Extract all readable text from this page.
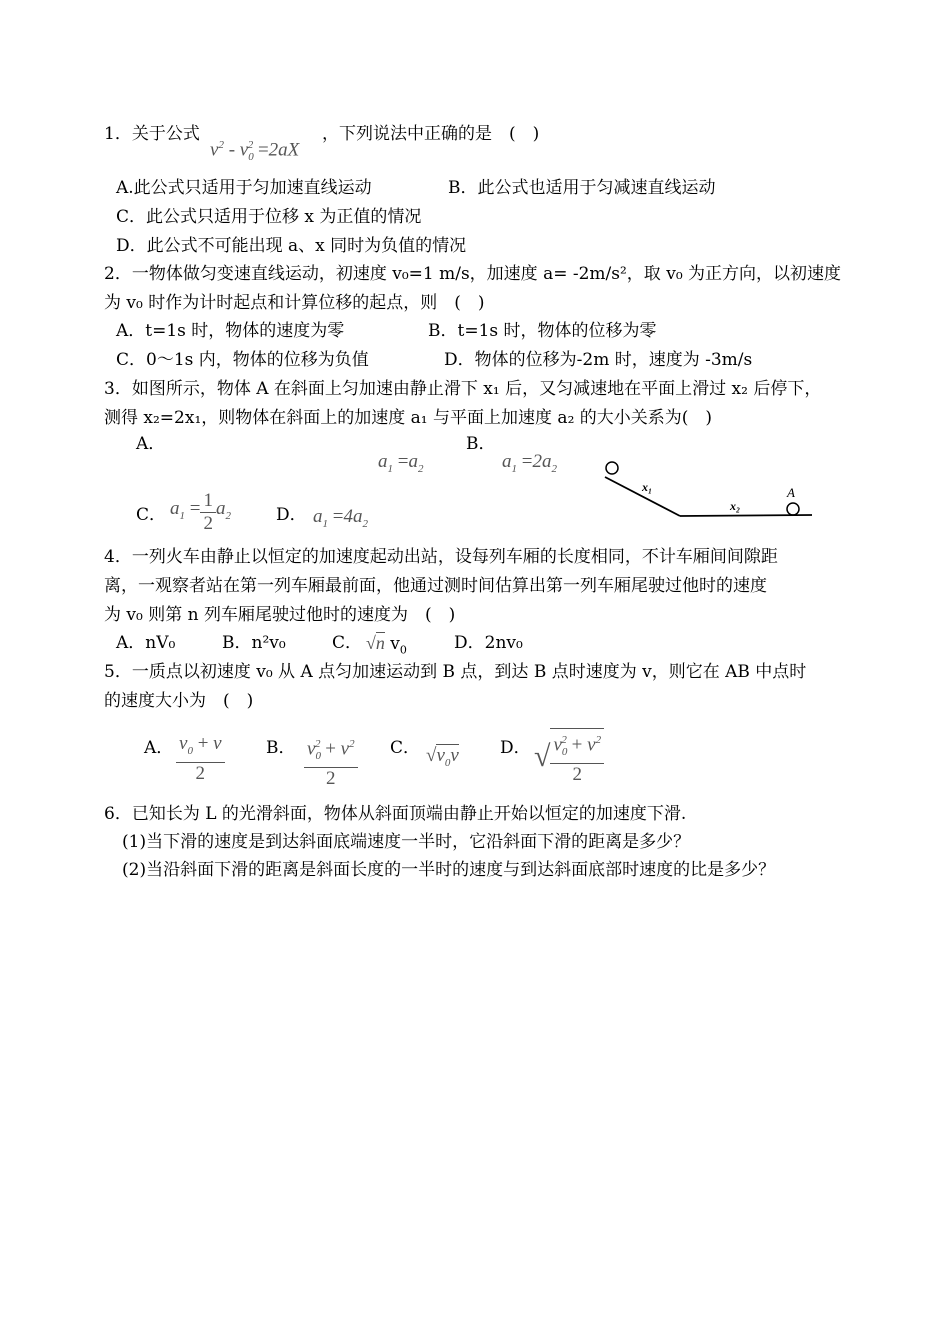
1．关于公式
$v^2 - v_0^2 =2aX$
，下列说法中正确的是　(　)
A.此公式只适用于匀加速直线运动	B．此公式也适用于匀减速直线运动
C．此公式只适用于位移 x 为正值的情况
D．此公式不可能出现 a、x 同时为负值的情况
2．一物体做匀变速直线运动，初速度 v₀=1 m/s，加速度 a= -2m/s²，取 v₀ 为正方向，以初速度
为 v₀ 时作为计时起点和计算位移的起点，则　(　)
A．t=1s 时，物体的速度为零	B．t=1s 时，物体的位移为零
C．0～1s 内，物体的位移为负值	D．物体的位移为-2m 时，速度为 -3m/s
3．如图所示，物体 A 在斜面上匀加速由静止滑下 x₁ 后，又匀减速地在平面上滑过 x₂ 后停下，
测得 x₂=2x₁，则物体在斜面上的加速度 a₁ 与平面上加速度 a₂ 的大小关系为(　)
A．	B．
$a_1 =a_2$	$a_1 =2a_2$
C． $a_1 = \frac{1}{2} a_2$	D． $a_1 =4a_2$
x₁
x₂
A
4．一列火车由静止以恒定的加速度起动出站，设每列车厢的长度相同，不计车厢间间隙距
离，一观察者站在第一列车厢最前面，他通过测时间估算出第一列车厢尾驶过他时的速度
为 v₀ 则第 n 列车厢尾驶过他时的速度为　(　)
A．nV₀	B．n²v₀	C． √n $v_0$	D．2nv₀
5．一质点以初速度 v₀ 从 A 点匀加速运动到 B 点，到达 B 点时速度为 v，则它在 AB 中点时
的速度大小为　(　)
A． $\frac{v_0 + v}{2}$ B． $\frac{v_0^2 + v^2}{2}$ C． $√v_0v$ D． √ $\frac{v_0^2 + v^2}{2}$
6．已知长为 L 的光滑斜面，物体从斜面顶端由静止开始以恒定的加速度下滑.
(1)当下滑的速度是到达斜面底端速度一半时，它沿斜面下滑的距离是多少？
(2)当沿斜面下滑的距离是斜面长度的一半时的速度与到达斜面底部时速度的比是多少？
